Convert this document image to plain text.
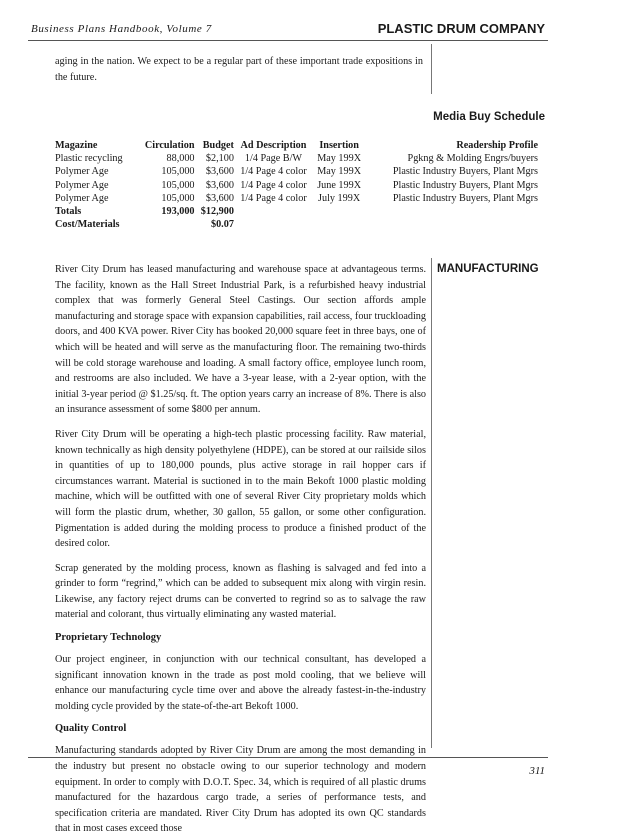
Business Plans Handbook, Volume 7	PLASTIC DRUM COMPANY

aging in the nation. We expect to be a regular part of these important trade expositions in the future.

Media Buy Schedule
Magazine	Circulation	Budget	Ad Description	Insertion	Readership Profile
Plastic recycling	88,000	$2,100	1/4 Page B/W	May 199X	Pgkng & Molding Engrs/buyers
Polymer Age	105,000	$3,600	1/4 Page 4 color	May 199X	Plastic Industry Buyers, Plant Mgrs
Polymer Age	105,000	$3,600	1/4 Page 4 color	June 199X	Plastic Industry Buyers, Plant Mgrs
Polymer Age	105,000	$3,600	1/4 Page 4 color	July 199X	Plastic Industry Buyers, Plant Mgrs
Totals	193,000	$12,900			
Cost/Materials		$0.07			
MANUFACTURING

River City Drum has leased manufacturing and warehouse space at advantageous terms. The facility, known as the Hall Street Industrial Park, is a refurbished heavy industrial complex that was formerly General Steel Castings. Our section affords ample manufacturing and storage space with expansion capabilities, rail access, four truckloading doors, and 400 KVA power. River City has booked 20,000 square feet in three bays, one of which will be heated and will serve as the manufacturing floor. The remaining two-thirds will be cold storage warehouse and loading. A small factory office, employee lunch room, and restrooms are also included. We have a 3-year lease, with a 2-year option, with the initial 3-year period @ $1.25/sq. ft. The option years carry an increase of 8%. There is also an insurance assessment of some $800 per annum.

River City Drum will be operating a high-tech plastic processing facility. Raw material, known technically as high density polyethylene (HDPE), can be stored at our railside silos in quantities of up to 180,000 pounds, plus active storage in rail hopper cars if circumstances warrant. Material is suctioned in to the main Bekoft 1000 plastic molding machine, which will be outfitted with one of several River City proprietary molds which will form the plastic drum, whether, 30 gallon, 55 gallon, or some other configuration. Pigmentation is added during the molding process to produce a finished product of the desired color.

Scrap generated by the molding process, known as flashing is salvaged and fed into a grinder to form “regrind,” which can be added to subsequent mix along with virgin resin. Likewise, any factory reject drums can be converted to regrind so as to salvage the raw material and colorant, thus virtually eliminating any wasted material.

Proprietary Technology

Our project engineer, in conjunction with our technical consultant, has developed a significant innovation known in the trade as post mold cooling, that we believe will enhance our manufacturing cycle time over and above the already fastest-in-the-industry molding cycle provided by the state-of-the-art Bekoft 1000.

Quality Control

Manufacturing standards adopted by River City Drum are among the most demanding in the industry but present no obstacle owing to our superior technology and modern equipment. In order to comply with D.O.T. Spec. 34, which is required of all plastic drums manufactured for the hazardous cargo trade, a series of performance tests, and specification criteria are mandated. River City Drum has adopted its own QC standards that in most cases exceed those

311
